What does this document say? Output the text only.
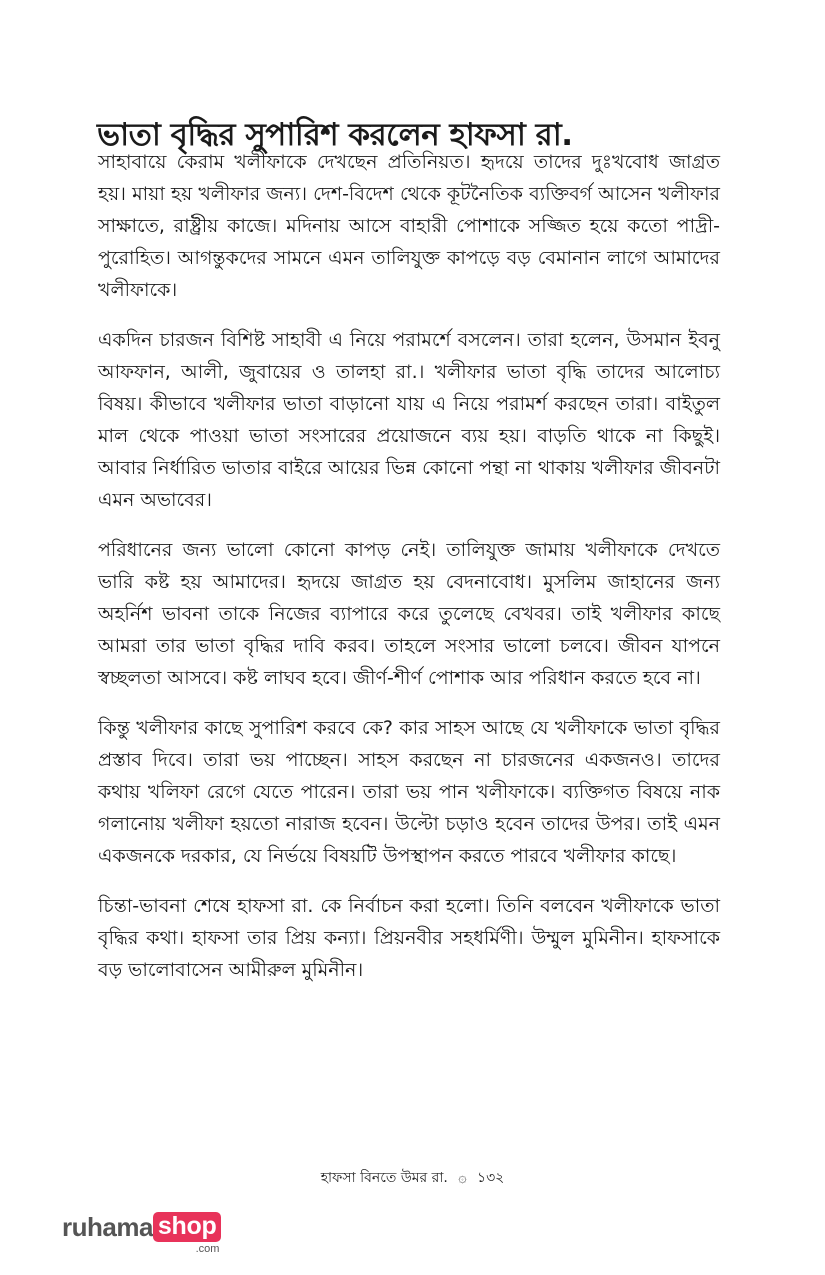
ভাতা বৃদ্ধির সুপারিশ করলেন হাফসা রা.

সাহাবায়ে কেরাম খলীফাকে দেখছেন প্রতিনিয়ত। হৃদয়ে তাদের দুঃখবোধ জাগ্রত হয়। মায়া হয় খলীফার জন্য। দেশ-বিদেশ থেকে কূটনৈতিক ব্যক্তিবর্গ আসেন খলীফার সাক্ষাতে, রাষ্ট্রীয় কাজে। মদিনায় আসে বাহারী পোশাকে সজ্জিত হয়ে কতো পাদ্রী-পুরোহিত। আগন্তুকদের সামনে এমন তালিযুক্ত কাপড়ে বড় বেমানান লাগে আমাদের খলীফাকে।

একদিন চারজন বিশিষ্ট সাহাবী এ নিয়ে পরামর্শে বসলেন। তারা হলেন, উসমান ইবনু আফফান, আলী, জুবায়ের ও তালহা রা.। খলীফার ভাতা বৃদ্ধি তাদের আলোচ্য বিষয়। কীভাবে খলীফার ভাতা বাড়ানো যায় এ নিয়ে পরামর্শ করছেন তারা। বাইতুল মাল থেকে পাওয়া ভাতা সংসারের প্রয়োজনে ব্যয় হয়। বাড়তি থাকে না কিছুই। আবার নির্ধারিত ভাতার বাইরে আয়ের ভিন্ন কোনো পন্থা না থাকায় খলীফার জীবনটা এমন অভাবের।

পরিধানের জন্য ভালো কোনো কাপড় নেই। তালিযুক্ত জামায় খলীফাকে দেখতে ভারি কষ্ট হয় আমাদের। হৃদয়ে জাগ্রত হয় বেদনাবোধ। মুসলিম জাহানের জন্য অহর্নিশ ভাবনা তাকে নিজের ব্যাপারে করে তুলেছে বেখবর। তাই খলীফার কাছে আমরা তার ভাতা বৃদ্ধির দাবি করব। তাহলে সংসার ভালো চলবে। জীবন যাপনে স্বচ্ছলতা আসবে। কষ্ট লাঘব হবে। জীর্ণ-শীর্ণ পোশাক আর পরিধান করতে হবে না।

কিন্তু খলীফার কাছে সুপারিশ করবে কে? কার সাহস আছে যে খলীফাকে ভাতা বৃদ্ধির প্রস্তাব দিবে। তারা ভয় পাচ্ছেন। সাহস করছেন না চারজনের একজনও। তাদের কথায় খলিফা রেগে যেতে পারেন। তারা ভয় পান খলীফাকে। ব্যক্তিগত বিষয়ে নাক গলানোয় খলীফা হয়তো নারাজ হবেন। উল্টো চড়াও হবেন তাদের উপর। তাই এমন একজনকে দরকার, যে নির্ভয়ে বিষয়টি উপস্থাপন করতে পারবে খলীফার কাছে।

চিন্তা-ভাবনা শেষে হাফসা রা. কে নির্বাচন করা হলো। তিনি বলবেন খলীফাকে ভাতা বৃদ্ধির কথা। হাফসা তার প্রিয় কন্যা। প্রিয়নবীর সহধর্মিণী। উম্মুল মুমিনীন। হাফসাকে বড় ভালোবাসেন আমীরুল মুমিনীন।

হাফসা বিনতে উমর রা. ۞ ১৩২
ruhama shop
.com
